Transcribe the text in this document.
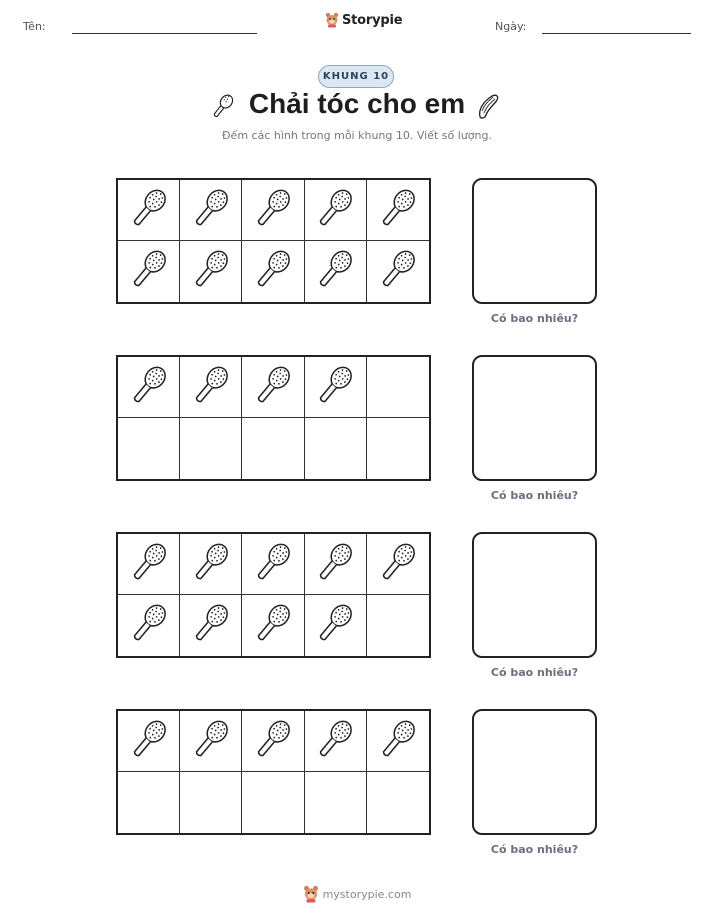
Tên:	Storypie	Ngày:
KHUNG 10
Chải tóc cho em
Đếm các hình trong mỗi khung 10. Viết số lượng.
Có bao nhiêu?
Có bao nhiêu?
Có bao nhiêu?
Có bao nhiêu?
mystorypie.com
